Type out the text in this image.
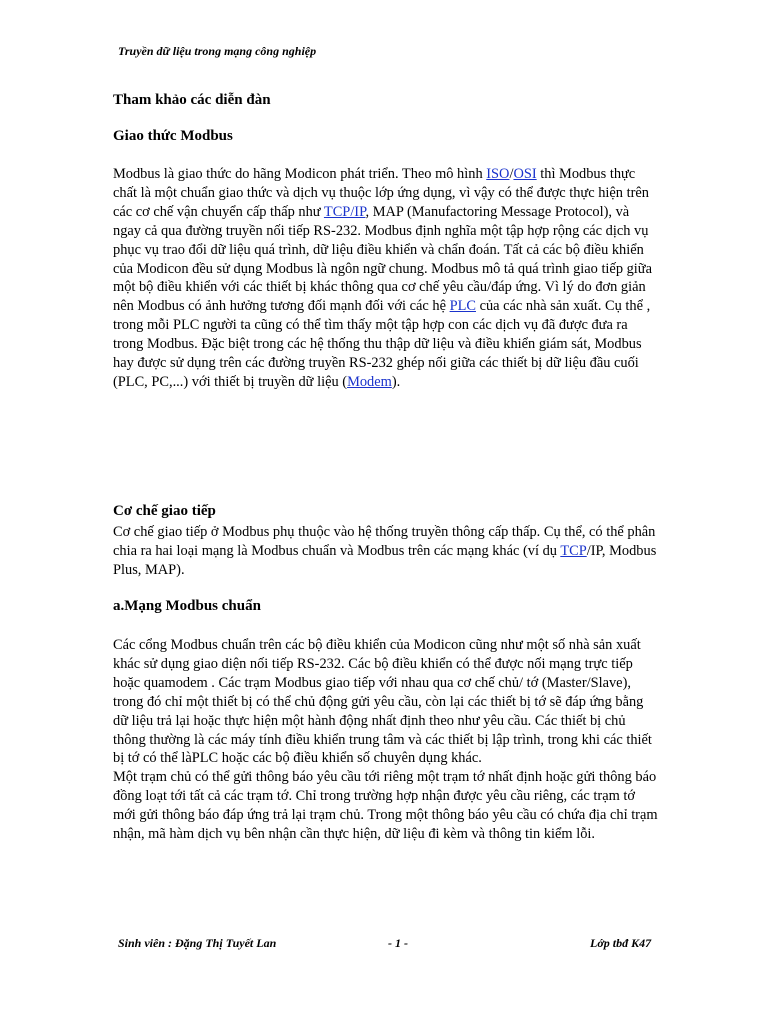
Truyền dữ liệu trong mạng công nghiệp
Tham khảo các diễn đàn
Giao thức Modbus

Modbus là giao thức do hãng Modicon phát triển. Theo mô hình ISO/OSI thì Modbus thực chất là một chuẩn giao thức và dịch vụ thuộc lớp ứng dụng, vì vậy có thể được thực hiện trên các cơ chế vận chuyển cấp thấp như TCP/IP, MAP (Manufactoring Message Protocol), và ngay cả qua đường truyền nối tiếp RS-232. Modbus định nghĩa một tập hợp rộng các dịch vụ phục vụ trao đổi dữ liệu quá trình, dữ liệu điều khiển và chẩn đoán. Tất cả các bộ điều khiển của Modicon đều sử dụng Modbus là ngôn ngữ chung. Modbus mô tả quá trình giao tiếp giữa một bộ điều khiển với các thiết bị khác thông qua cơ chế yêu cầu/đáp ứng. Vì lý do đơn giản nên Modbus có ảnh hưởng tương đối mạnh đối với các hệ PLC của các nhà sản xuất. Cụ thể , trong mỗi PLC người ta cũng có thể tìm thấy một tập hợp con các dịch vụ đã được đưa ra trong Modbus. Đặc biệt trong các hệ thống thu thập dữ liệu và điều khiển giám sát, Modbus hay được sử dụng trên các đường truyền RS-232 ghép nối giữa các thiết bị dữ liệu đầu cuối (PLC, PC,...) với thiết bị truyền dữ liệu (Modem).

Cơ chế giao tiếp

Cơ chế giao tiếp ở Modbus phụ thuộc vào hệ thống truyền thông cấp thấp. Cụ thể, có thể phân chia ra hai loại mạng là Modbus chuẩn và Modbus trên các mạng khác (ví dụ TCP/IP, Modbus Plus, MAP).

a.Mạng Modbus chuẩn

Các cổng Modbus chuẩn trên các bộ điều khiển của Modicon cũng như một số nhà sản xuất khác sử dụng giao diện nối tiếp RS-232. Các bộ điều khiển có thể được nối mạng trực tiếp hoặc quamodem . Các trạm Modbus giao tiếp với nhau qua cơ chế chủ/ tớ (Master/Slave), trong đó chỉ một thiết bị có thể chủ động gửi yêu cầu, còn lại các thiết bị tớ sẽ đáp ứng bằng dữ liệu trả lại hoặc thực hiện một hành động nhất định theo như yêu cầu. Các thiết bị chủ thông thường là các máy tính điều khiển trung tâm và các thiết bị lập trình, trong khi các thiết bị tớ có thể làPLC hoặc các bộ điều khiển số chuyên dụng khác.

Một trạm chủ có thể gửi thông báo yêu cầu tới riêng một trạm tớ nhất định hoặc gửi thông báo đồng loạt tới tất cả các trạm tớ. Chỉ trong trường hợp nhận được yêu cầu riêng, các trạm tớ mới gửi thông báo đáp ứng trả lại trạm chủ. Trong một thông báo yêu cầu có chứa địa chỉ trạm nhận, mã hàm dịch vụ bên nhận cần thực hiện, dữ liệu đi kèm và thông tin kiểm lỗi.

Sinh viên : Đặng Thị Tuyết Lan	- 1 -	Lớp tbđ K47
